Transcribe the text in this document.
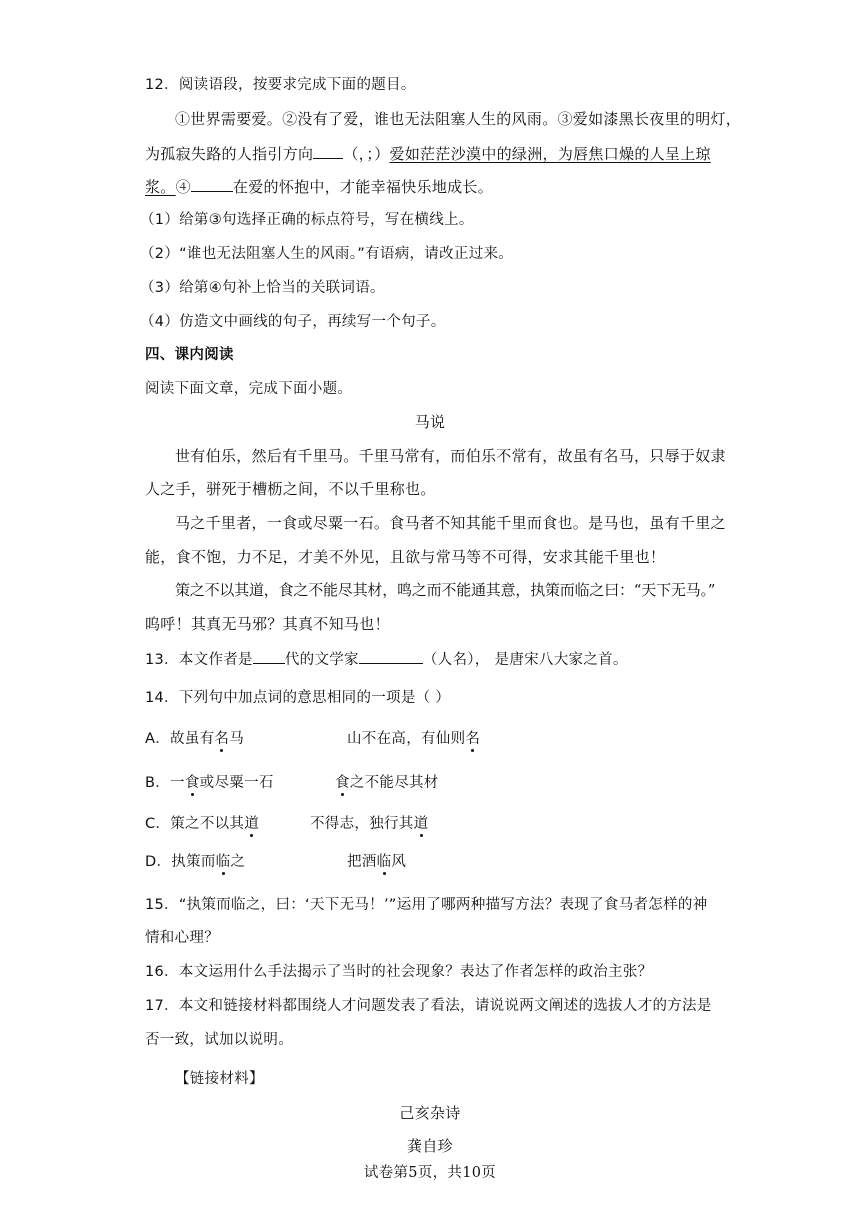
12．阅读语段，按要求完成下面的题目。
①世界需要爱。②没有了爱，谁也无法阻塞人生的风雨。③爱如漆黑长夜里的明灯，
为孤寂失路的人指引方向 （，；）爱如茫茫沙漠中的绿洲，为唇焦口燥的人呈上琼
浆。④	在爱的怀抱中，才能幸福快乐地成长。
（1）给第③句选择正确的标点符号，写在横线上。
（2）“谁也无法阻塞人生的风雨。”有语病，请改正过来。
（3）给第④句补上恰当的关联词语。
（4）仿造文中画线的句子，再续写一个句子。
四、课内阅读
阅读下面文章，完成下面小题。
马说
世有伯乐，然后有千里马。千里马常有，而伯乐不常有，故虽有名马，只辱于奴隶
人之手，骈死于槽枥之间，不以千里称也。
马之千里者，一食或尽粟一石。食马者不知其能千里而食也。是马也，虽有千里之
能，食不饱，力不足，才美不外见，且欲与常马等不可得，安求其能千里也！
策之不以其道，食之不能尽其材，鸣之而不能通其意，执策而临之曰：“天下无马。”
呜呼！其真无马邪？其真不知马也！
13．本文作者是 代的文学家	（人名）， 是唐宋八大家之首。
14．下列句中加点词的意思相同的一项是（ ）
A．故虽有名马	山不在高，有仙则名
B．一食或尽粟一石	食之不能尽其材
C．策之不以其道	不得志，独行其道
D．执策而临之	把酒临风
15．“执策而临之，曰：‘天下无马！’”运用了哪两种描写方法？表现了食马者怎样的神
情和心理？
16．本文运用什么手法揭示了当时的社会现象？表达了作者怎样的政治主张？
17．本文和链接材料都围绕人才问题发表了看法，请说说两文阐述的选拔人才的方法是
否一致，试加以说明。
【链接材料】
己亥杂诗
龚自珍
试卷第5页，共10页
